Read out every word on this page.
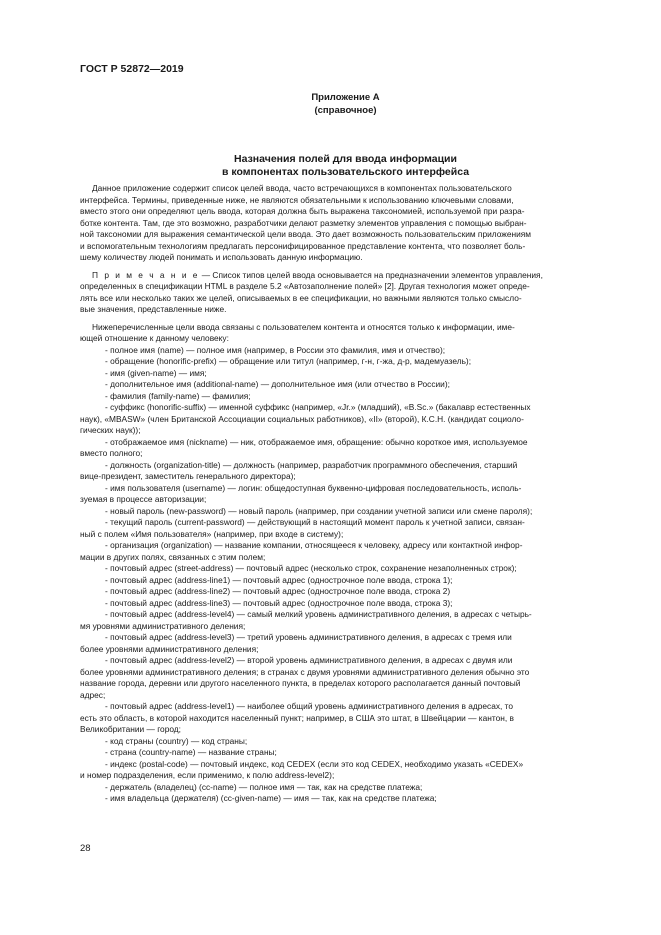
ГОСТ Р 52872—2019
Приложение А
(справочное)
Назначения полей для ввода информации
в компонентах пользовательского интерфейса
Данное приложение содержит список целей ввода, часто встречающихся в компонентах пользовательского
интерфейса. Термины, приведенные ниже, не являются обязательными к использованию ключевыми словами,
вместо этого они определяют цель ввода, которая должна быть выражена таксономией, используемой при разра-
ботке контента. Там, где это возможно, разработчики делают разметку элементов управления с помощью выбран-
ной таксономии для выражения семантической цели ввода. Это дает возможность пользовательским приложениям
и вспомогательным технологиям предлагать персонифицированное представление контента, что позволяет боль-
шему количеству людей понимать и использовать данную информацию.
П р и м е ч а н и е — Список типов целей ввода основывается на предназначении элементов управления,
определенных в спецификации HTML в разделе 5.2 «Автозаполнение полей» [2]. Другая технология может опреде-
лять все или несколько таких же целей, описываемых в ее спецификации, но важными являются только смысло-
вые значения, представленные ниже.
Нижеперечисленные цели ввода связаны с пользователем контента и относятся только к информации, име-
ющей отношение к данному человеку:
- полное имя (name) — полное имя (например, в России это фамилия, имя и отчество);
- обращение (honorific-prefix) — обращение или титул (например, г-н, г-жа, д-р, мадемуазель);
- имя (given-name) — имя;
- дополнительное имя (additional-name) — дополнительное имя (или отчество в России);
- фамилия (family-name) — фамилия;
- суффикс (honorific-suffix) — именной суффикс (например, «Jr.» (младший), «B.Sc.» (бакалавр естественных
наук), «MBASW» (член Британской Ассоциации социальных работников), «II» (второй), К.С.Н. (кандидат социоло-
гических наук));
- отображаемое имя (nickname) — ник, отображаемое имя, обращение: обычно короткое имя, используемое
вместо полного;
- должность (organization-title) — должность (например, разработчик программного обеспечения, старший
вице-президент, заместитель генерального директора);
- имя пользователя (username) — логин: общедоступная буквенно-цифровая последовательность, исполь-
зуемая в процессе авторизации;
- новый пароль (new-password) — новый пароль (например, при создании учетной записи или смене пароля);
- текущий пароль (current-password) — действующий в настоящий момент пароль к учетной записи, связан-
ный с полем «Имя пользователя» (например, при входе в систему);
- организация (organization) — название компании, относящееся к человеку, адресу или контактной инфор-
мации в других полях, связанных с этим полем;
- почтовый адрес (street-address) — почтовый адрес (несколько строк, сохранение незаполненных строк);
- почтовый адрес (address-line1) — почтовый адрес (однострочное поле ввода, строка 1);
- почтовый адрес (address-line2) — почтовый адрес (однострочное поле ввода, строка 2)
- почтовый адрес (address-line3) — почтовый адрес (однострочное поле ввода, строка 3);
- почтовый адрес (address-level4) — самый мелкий уровень административного деления, в адресах с четырь-
мя уровнями административного деления;
- почтовый адрес (address-level3) — третий уровень административного деления, в адресах с тремя или
более уровнями административного деления;
- почтовый адрес (address-level2) — второй уровень административного деления, в адресах с двумя или
более уровнями административного деления; в странах с двумя уровнями административного деления обычно это
название города, деревни или другого населенного пункта, в пределах которого располагается данный почтовый
адрес;
- почтовый адрес (address-level1) — наиболее общий уровень административного деления в адресах, то
есть это область, в которой находится населенный пункт; например, в США это штат, в Швейцарии — кантон, в
Великобритании — город;
- код страны (country) — код страны;
- страна (country-name) — название страны;
- индекс (postal-code) — почтовый индекс, код CEDEX (если это код CEDEX, необходимо указать «CEDEX»
и номер подразделения, если применимо, к полю address-level2);
- держатель (владелец) (cc-name) — полное имя — так, как на средстве платежа;
- имя владельца (держателя) (cc-given-name) — имя — так, как на средстве платежа;
28
